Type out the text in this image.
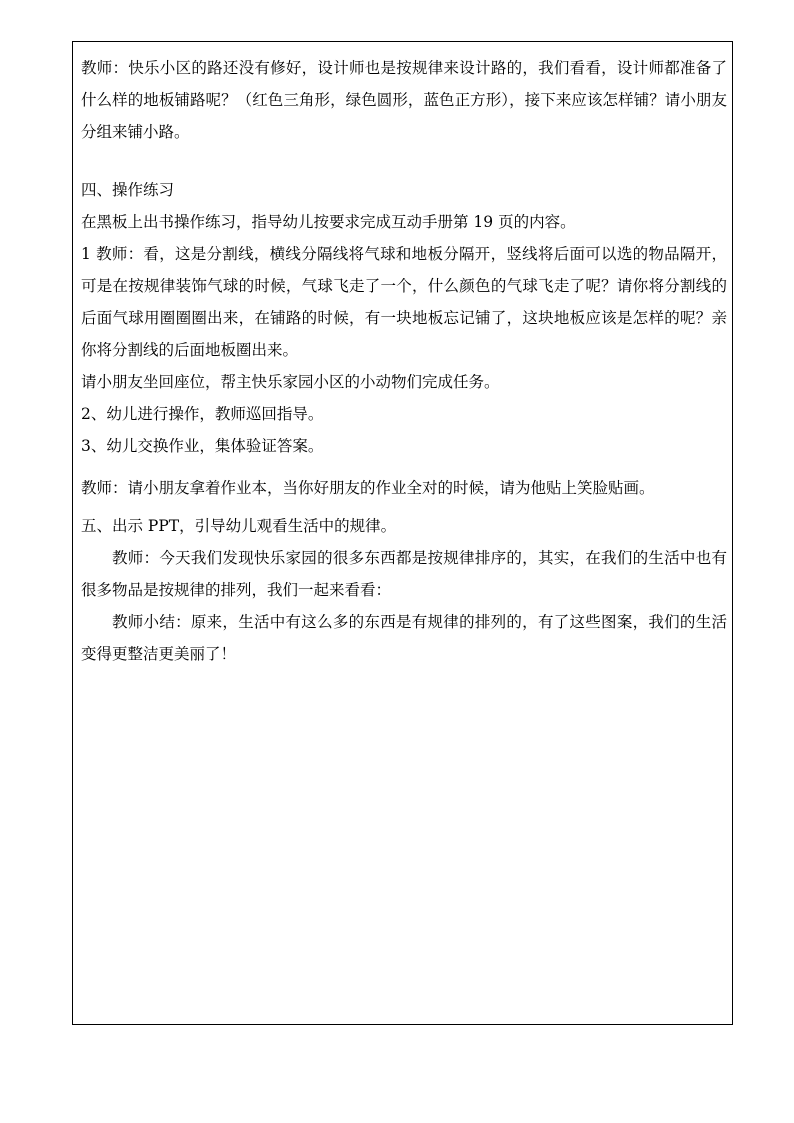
教师：快乐小区的路还没有修好，设计师也是按规律来设计路的，我们看看，设计师都准备了什么样的地板铺路呢？（红色三角形，绿色圆形，蓝色正方形），接下来应该怎样铺？请小朋友分组来铺小路。

四、操作练习

在黑板上出书操作练习，指导幼儿按要求完成互动手册第 19 页的内容。

1 教师：看，这是分割线，横线分隔线将气球和地板分隔开，竖线将后面可以选的物品隔开，可是在按规律装饰气球的时候，气球飞走了一个，什么颜色的气球飞走了呢？请你将分割线的后面气球用圈圈圈出来，在铺路的时候，有一块地板忘记铺了，这块地板应该是怎样的呢？亲你将分割线的后面地板圈出来。

请小朋友坐回座位，帮主快乐家园小区的小动物们完成任务。

2、幼儿进行操作，教师巡回指导。

3、幼儿交换作业，集体验证答案。

教师：请小朋友拿着作业本，当你好朋友的作业全对的时候，请为他贴上笑脸贴画。

五、出示 PPT，引导幼儿观看生活中的规律。

教师：今天我们发现快乐家园的很多东西都是按规律排序的，其实，在我们的生活中也有很多物品是按规律的排列，我们一起来看看：

教师小结：原来，生活中有这么多的东西是有规律的排列的，有了这些图案，我们的生活变得更整洁更美丽了！
